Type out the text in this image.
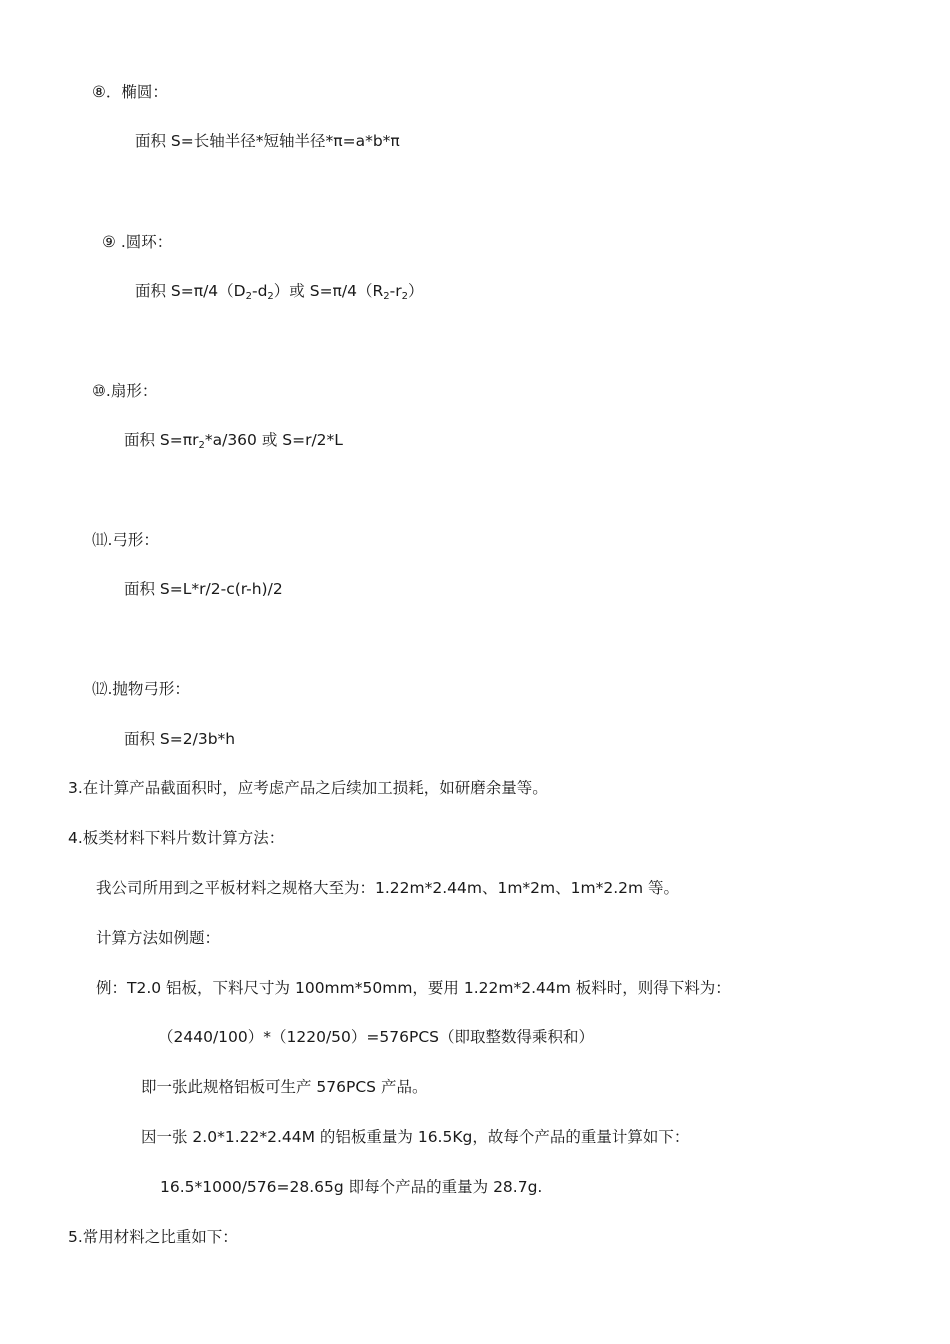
⑧．椭圆：
面积 S=长轴半径*短轴半径*π=a*b*π
⑨ .圆环：
面积 S=π/4（D2-d2）或 S=π/4（R2-r2）
⑩.扇形：
面积 S=πr2*a/360 或 S=r/2*L
⑾.弓形：
面积 S=L*r/2-c(r-h)/2
⑿.抛物弓形：
面积 S=2/3b*h
3.在计算产品截面积时，应考虑产品之后续加工损耗，如研磨余量等。
4.板类材料下料片数计算方法：
我公司所用到之平板材料之规格大至为：1.22m*2.44m、1m*2m、1m*2.2m 等。
计算方法如例题：
例：T2.0 铝板，下料尺寸为 100mm*50mm，要用 1.22m*2.44m 板料时，则得下料为：
（2440/100）*（1220/50）=576PCS（即取整数得乘积和）
即一张此规格铝板可生产 576PCS 产品。
因一张 2.0*1.22*2.44M 的铝板重量为 16.5Kg，故每个产品的重量计算如下：
16.5*1000/576=28.65g 即每个产品的重量为 28.7g.
5.常用材料之比重如下：
